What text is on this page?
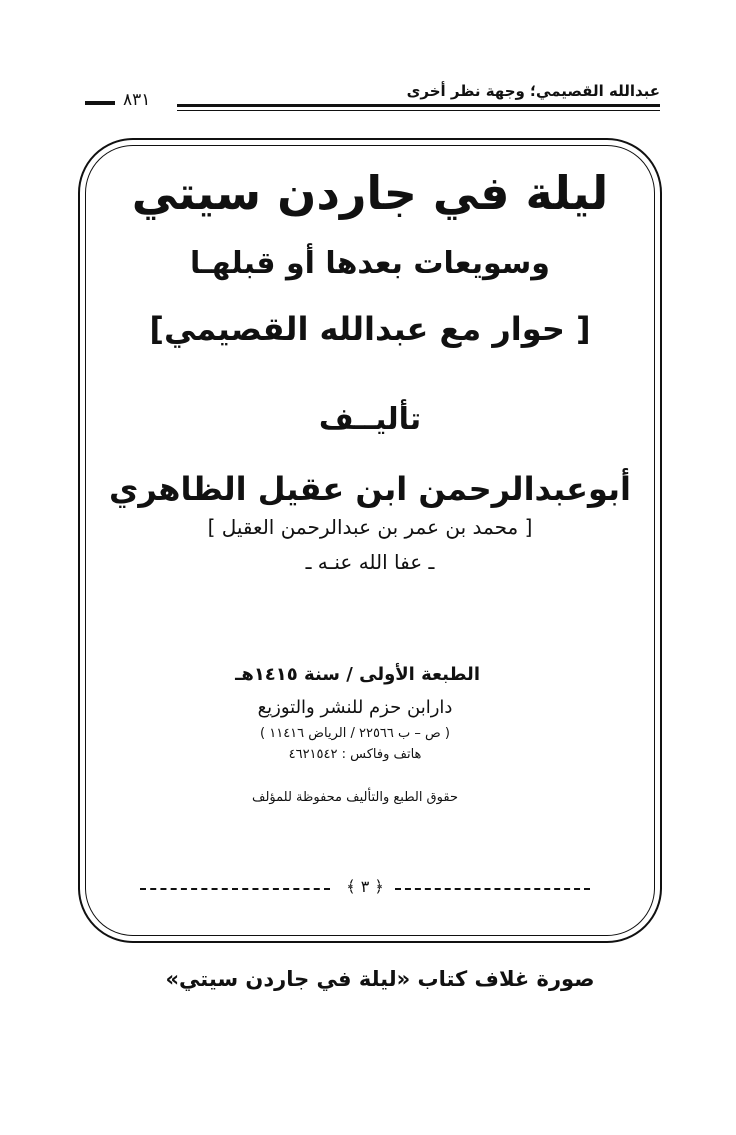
عبدالله القصيمي؛ وجهة نظر أخرى
٨٣١
ليلة في جاردن سيتي
وسويعات بعدها أو قبلهـا
[ حوار مع عبدالله القصيمي]
تأليــف
أبوعبدالرحمن ابن عقيل الظاهري
[ محمد بن عمر بن عبدالرحمن العقيل ]
ـ عفا الله عنـه ـ
الطبعة الأولى / سنة ١٤١٥هـ
دارابن حزم للنشر والتوزيع
( ص – ب ٢٢٥٦٦ / الرياض ١١٤١٦ )
هاتف وفاكس : ٤٦٢١٥٤٢
حقوق الطبع والتأليف محفوظة للمؤلف
﴿ ٣ ﴾
صورة غلاف كتاب «ليلة في جاردن سيتي»
